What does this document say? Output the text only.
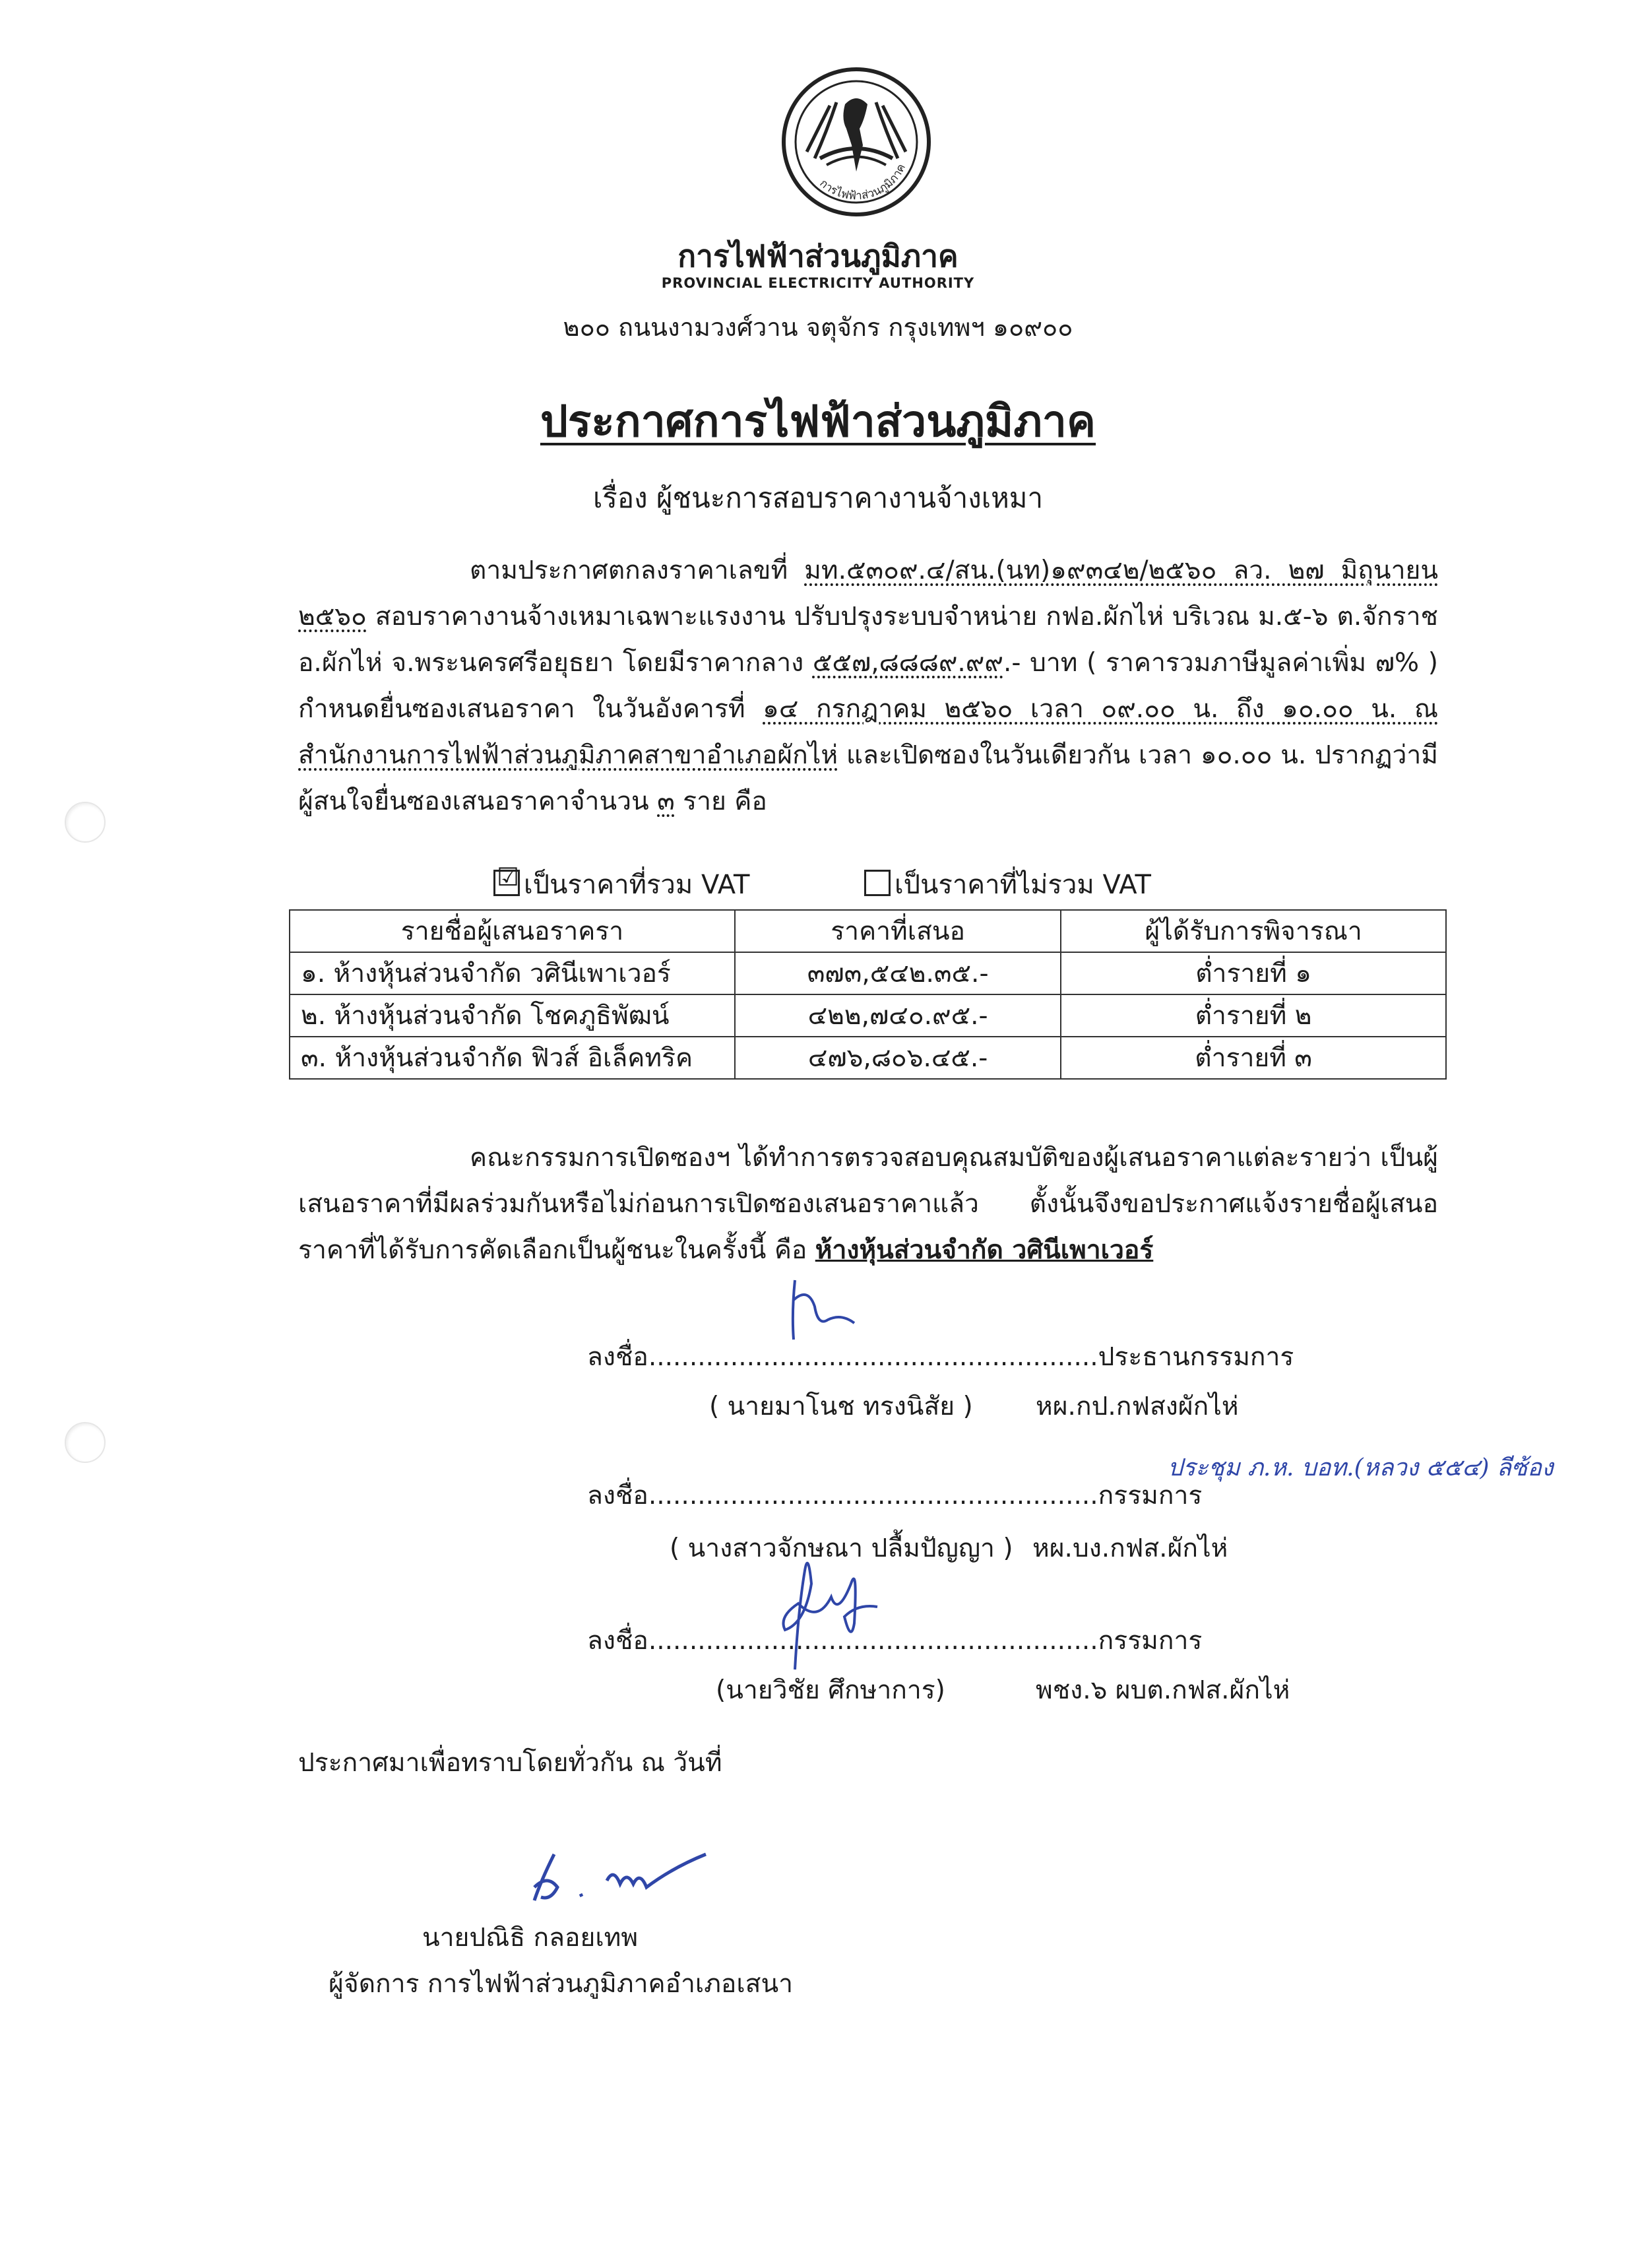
การไฟฟ้าส่วนภูมิภาค
การไฟฟ้าส่วนภูมิภาค
PROVINCIAL ELECTRICITY AUTHORITY
๒๐๐ ถนนงามวงศ์วาน จตุจักร กรุงเทพฯ ๑๐๙๐๐
ประกาศการไฟฟ้าส่วนภูมิภาค
เรื่อง ผู้ชนะการสอบราคางานจ้างเหมา

ตามประกาศตกลงราคาเลขที่ มท.๕๓๐๙.๔/สน.(นท)๑๙๓๔๒/๒๕๖๐ ลว. ๒๗ มิถุนายน ๒๕๖๐ สอบราคางานจ้างเหมาเฉพาะแรงงาน ปรับปรุงระบบจำหน่าย กฟอ.ผักไห่ บริเวณ ม.๕-๖ ต.จักราช อ.ผักไห่ จ.พระนครศรีอยุธยา โดยมีราคากลาง ๕๕๗,๘๘๘๙.๙๙.- บาท ( ราคารวมภาษีมูลค่าเพิ่ม ๗% ) กำหนดยื่นซองเสนอราคา ในวันอังคารที่ ๑๔ กรกฎาคม ๒๕๖๐ เวลา ๐๙.๐๐ น. ถึง ๑๐.๐๐ น. ณ สำนักงานการไฟฟ้าส่วนภูมิภาคสาขาอำเภอผักไห่ และเปิดซองในวันเดียวกัน เวลา ๑๐.๐๐ น. ปรากฏว่ามีผู้สนใจยื่นซองเสนอราคาจำนวน ๓ ราย คือ

☑ เป็นราคาที่รวม VAT	เป็นราคาที่ไม่รวม VAT
รายชื่อผู้เสนอราครา	ราคาที่เสนอ	ผู้ได้รับการพิจารณา
๑. ห้างหุ้นส่วนจำกัด วศินีเพาเวอร์	๓๗๓,๕๔๒.๓๕.-	ต่ำรายที่ ๑
๒. ห้างหุ้นส่วนจำกัด โชคภูธิพัฒน์	๔๒๒,๗๔๐.๙๕.-	ต่ำรายที่ ๒
๓. ห้างหุ้นส่วนจำกัด ฟิวส์ อิเล็คทริค	๔๗๖,๘๐๖.๔๕.-	ต่ำรายที่ ๓

คณะกรรมการเปิดซองฯ ได้ทำการตรวจสอบคุณสมบัติของผู้เสนอราคาแต่ละรายว่า เป็นผู้เสนอราคาที่มีผลร่วมกันหรือไม่ก่อนการเปิดซองเสนอราคาแล้ว ตั้งนั้นจึงขอประกาศแจ้งรายชื่อผู้เสนอราคาที่ได้รับการคัดเลือกเป็นผู้ชนะในครั้งนี้ คือ ห้างหุ้นส่วนจำกัด วศินีเพาเวอร์

ลงชื่อ.......................................................ประธานกรรมการ
( นายมาโนช ทรงนิสัย ) หผ.กป.กฟสงผักไห่
ลงชื่อ.......................................................กรรมการ
ประชุม ภ.ห. บอท.(หลวง ๕๕๔) ลีซ้อง
( นางสาวจักษณา ปลื้มปัญญา ) หผ.บง.กฟส.ผักไห่
ลงชื่อ.......................................................กรรมการ
(นายวิชัย ศึกษาการ)	พชง.๖ ผบต.กฟส.ผักไห่
ประกาศมาเพื่อทราบโดยทั่วกัน ณ วันที่
นายปณิธิ กลอยเทพ
ผู้จัดการ การไฟฟ้าส่วนภูมิภาคอำเภอเสนา
